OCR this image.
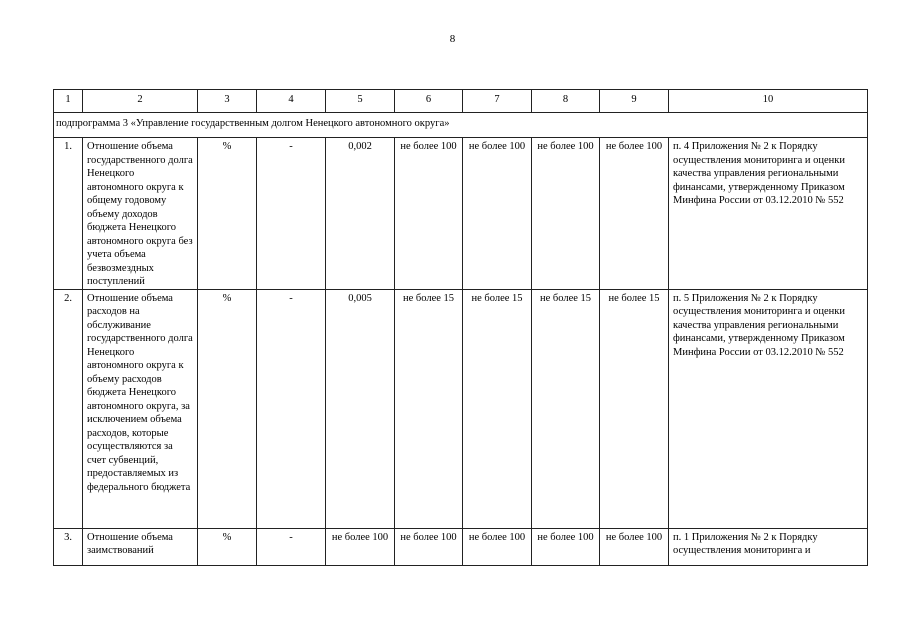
8
1	2	3	4	5	6	7	8	9	10
подпрограмма 3 «Управление государственным долгом Ненецкого автономного округа»									
1.	Отношение объема государственного долга Ненецкого автономного округа к общему годовому объему доходов бюджета Ненецкого автономного округа без учета объема безвозмездных поступлений	%	-	0,002	не более 100	не более 100	не более 100	не более 100	п. 4 Приложения № 2 к Порядку осуществления мониторинга и оценки качества управления региональными финансами, утвержденному Приказом Минфина России от 03.12.2010 № 552
2.	Отношение объема расходов на обслуживание государственного долга Ненецкого автономного округа к объему расходов бюджета Ненецкого автономного округа, за исключением объема расходов, которые осуществляются за счет субвенций, предоставляемых из федерального бюджета	%	-	0,005	не более 15	не более 15	не более 15	не более 15	п. 5 Приложения № 2 к Порядку осуществления мониторинга и оценки качества управления региональными финансами, утвержденному Приказом Минфина России от 03.12.2010 № 552
3.	Отношение объема заимствований	%	-	не более 100	не более 100	не более 100	не более 100	не более 100	п. 1 Приложения № 2 к Порядку осуществления мониторинга и
